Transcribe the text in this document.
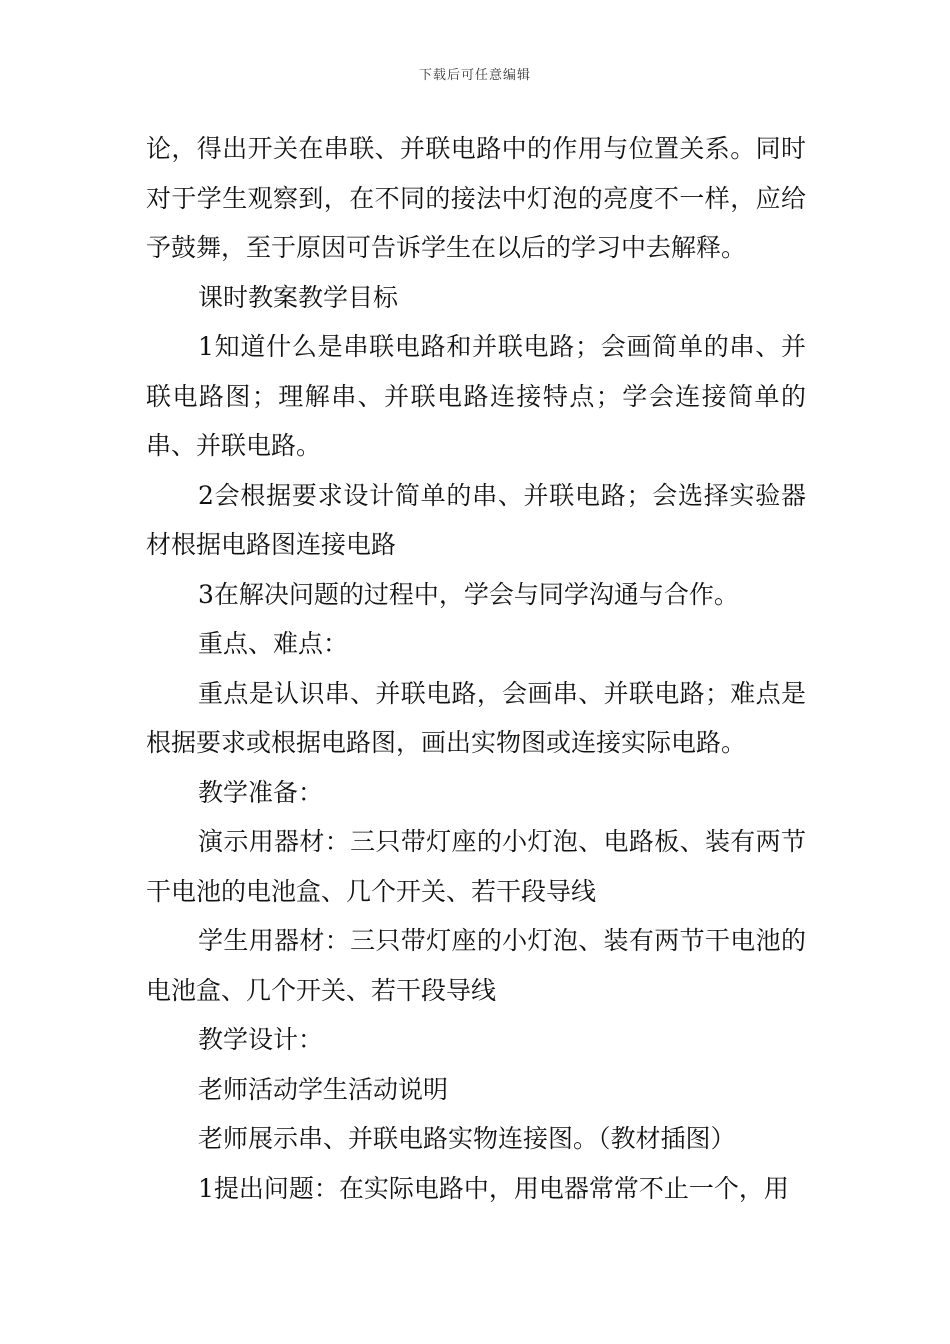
下载后可任意编辑

论，得出开关在串联、并联电路中的作用与位置关系。同时对于学生观察到，在不同的接法中灯泡的亮度不一样，应给予鼓舞，至于原因可告诉学生在以后的学习中去解释。

课时教案教学目标

1知道什么是串联电路和并联电路；会画简单的串、并联电路图；理解串、并联电路连接特点；学会连接简单的串、并联电路。

2会根据要求设计简单的串、并联电路；会选择实验器材根据电路图连接电路

3在解决问题的过程中，学会与同学沟通与合作。

重点、难点：

重点是认识串、并联电路，会画串、并联电路；难点是根据要求或根据电路图，画出实物图或连接实际电路。

教学准备：

演示用器材：三只带灯座的小灯泡、电路板、装有两节干电池的电池盒、几个开关、若干段导线

学生用器材：三只带灯座的小灯泡、装有两节干电池的电池盒、几个开关、若干段导线

教学设计：

老师活动学生活动说明

老师展示串、并联电路实物连接图。（教材插图）

1提出问题：在实际电路中，用电器常常不止一个，用
